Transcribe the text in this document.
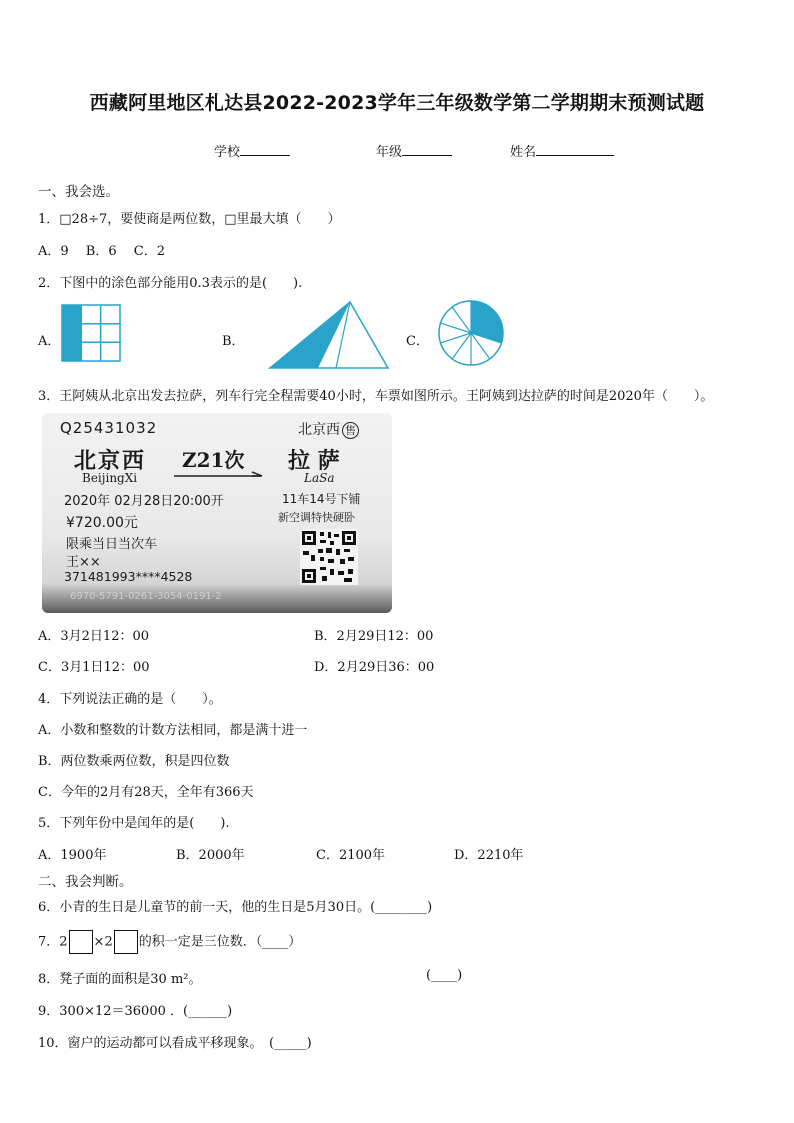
西藏阿里地区札达县2022-2023学年三年级数学第二学期期末预测试题
学校	年级	姓名
一、我会选。
1．□28÷7，要使商是两位数，□里最大填（　　）
A．9　 B．6　 C．2
2．下图中的涂色部分能用0.3表示的是(　　).
A．	B．	C．
3．王阿姨从北京出发去拉萨，列车行完全程需要40小时，车票如图所示。王阿姨到达拉萨的时间是2020年（　　）。
Q25431032	北京西 售
北京西
BeijingXi
Z21次 拉 萨
LaSa
2020年 02月28日20:00开	11车14号下铺
¥720.00元	新空调特快硬卧
限乘当日当次车
王××
371481993****4528
6970-5791-0261-3054-0191-2
A．3月2日12：00	B．2月29日12：00
C．3月1日12：00	D．2月29日36：00
4．下列说法正确的是（　　）。
A．小数和整数的计数方法相同，都是满十进一
B．两位数乘两位数，积是四位数
C．今年的2月有28天，全年有366天
5．下列年份中是闰年的是(　　).
A．1900年	B．2000年	C．2100年	D．2210年
二、我会判断。
6．小青的生日是儿童节的前一天，他的生日是5月30日。(________)
7．2 ×2 的积一定是三位数．（____）
8．凳子面的面积是30 m²。	(____)
9．300×12＝36000 ．(______)
10．窗户的运动都可以看成平移现象。　(_____)
